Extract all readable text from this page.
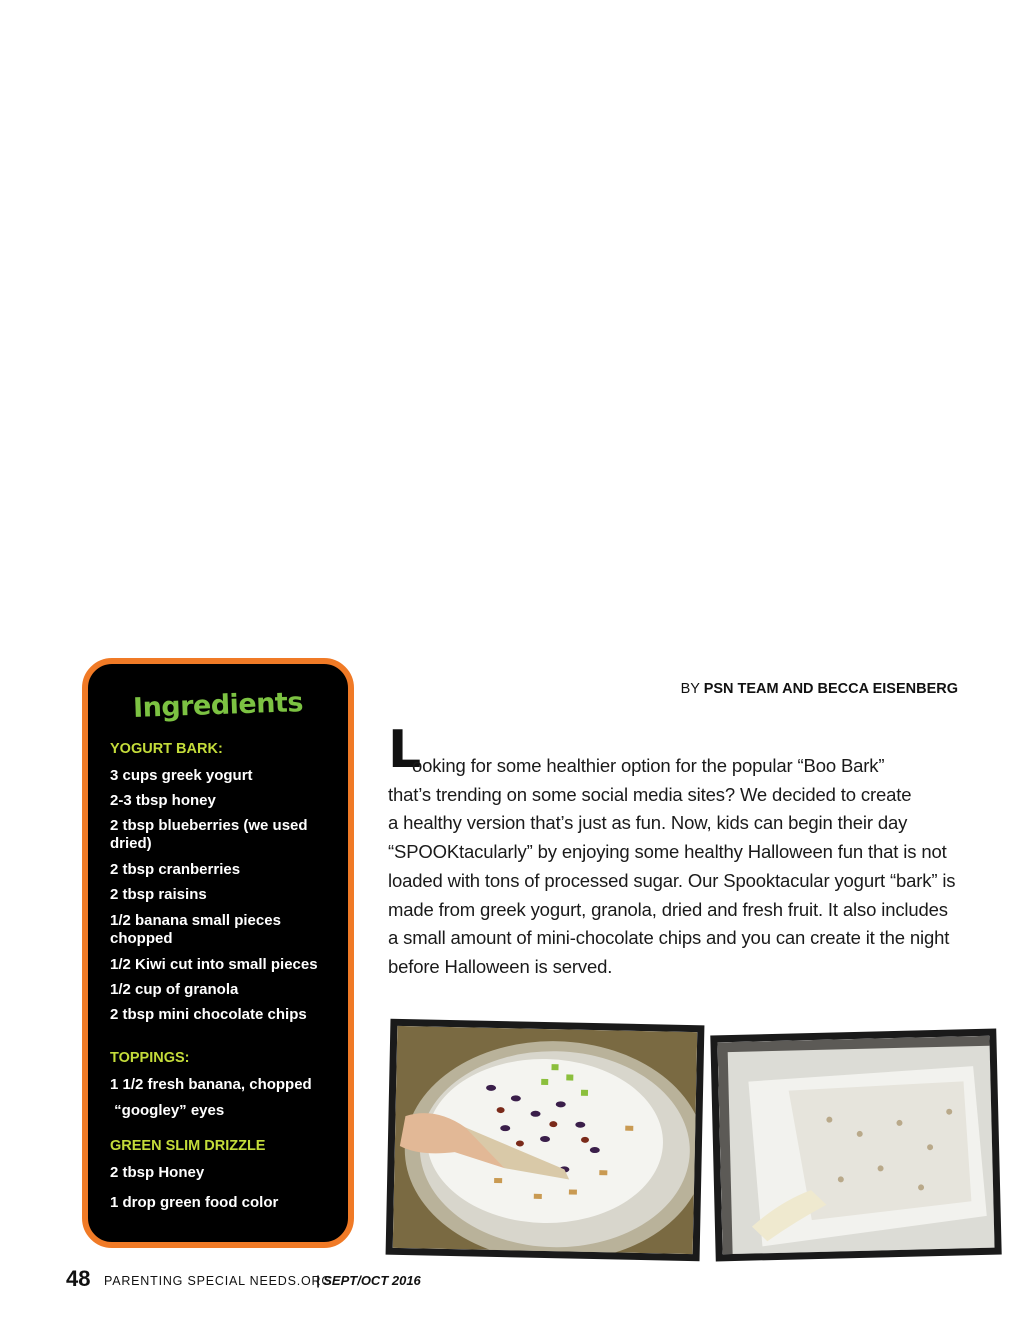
Ingredients
YOGURT BARK:
3 cups greek yogurt
2-3 tbsp honey
2 tbsp blueberries (we used dried)
2 tbsp cranberries
2 tbsp raisins
1/2 banana small pieces chopped
1/2 Kiwi cut into small pieces
1/2 cup of granola
2 tbsp mini chocolate chips
TOPPINGS:
1 1/2 fresh banana, chopped
“googley” eyes
GREEN SLIM DRIZZLE
2 tbsp Honey
1 drop green food color
BY PSN TEAM AND BECCA EISENBERG
L
ooking for some healthier option for the popular “Boo Bark”
that’s trending on some social media sites? We decided to create
a healthy version that’s just as fun. Now, kids can begin their day
“SPOOKtacularly” by enjoying some healthy Halloween fun that is not
loaded with tons of processed sugar. Our Spooktacular yogurt “bark” is
made from greek yogurt, granola, dried and fresh fruit. It also includes
a small amount of mini-chocolate chips and you can create it the night
before Halloween is served.
48 PARENTING SPECIAL NEEDS.ORG
| SEPT/OCT 2016
